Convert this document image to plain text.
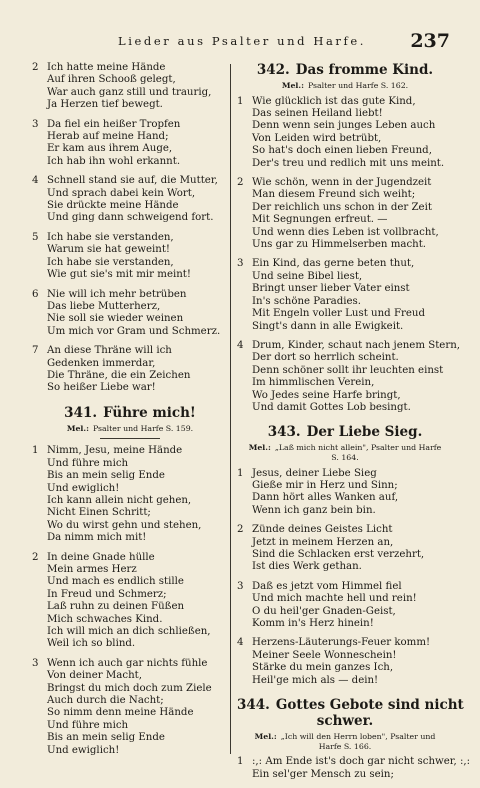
Lieder aus Psalter und Harfe.	237
2 Ich hatte meine Hände
Auf ihren Schooß gelegt,
War auch ganz still und traurig,
Ja Herzen tief bewegt.
3 Da fiel ein heißer Tropfen
Herab auf meine Hand;
Er kam aus ihrem Auge,
Ich hab ihn wohl erkannt.
4 Schnell stand sie auf, die Mutter,
Und sprach dabei kein Wort,
Sie drückte meine Hände
Und ging dann schweigend fort.
5 Ich habe sie verstanden,
Warum sie hat geweint!
Ich habe sie verstanden,
Wie gut sie's mit mir meint!
6 Nie will ich mehr betrüben
Das liebe Mutterherz,
Nie soll sie wieder weinen
Um mich vor Gram und Schmerz.
7 An diese Thräne will ich
Gedenken immerdar,
Die Thräne, die ein Zeichen
So heißer Liebe war!
341. Führe mich!
Mel.: Psalter und Harfe S. 159.
1 Nimm, Jesu, meine Hände
Und führe mich
Bis an mein selig Ende
Und ewiglich!
Ich kann allein nicht gehen,
Nicht Einen Schritt;
Wo du wirst gehn und stehen,
Da nimm mich mit!
2 In deine Gnade hülle
Mein armes Herz
Und mach es endlich stille
In Freud und Schmerz;
Laß ruhn zu deinen Füßen
Mich schwaches Kind.
Ich will mich an dich schließen,
Weil ich so blind.
3 Wenn ich auch gar nichts fühle
Von deiner Macht,
Bringst du mich doch zum Ziele
Auch durch die Nacht;
So nimm denn meine Hände
Und führe mich
Bis an mein selig Ende
Und ewiglich!
342. Das fromme Kind.
Mel.: Psalter und Harfe S. 162.
1 Wie glücklich ist das gute Kind,
Das seinen Heiland liebt!
Denn wenn sein junges Leben auch
Von Leiden wird betrübt,
So hat's doch einen lieben Freund,
Der's treu und redlich mit uns meint.
2 Wie schön, wenn in der Jugendzeit
Man diesem Freund sich weiht;
Der reichlich uns schon in der Zeit
Mit Segnungen erfreut. —
Und wenn dies Leben ist vollbracht,
Uns gar zu Himmelserben macht.
3 Ein Kind, das gerne beten thut,
Und seine Bibel liest,
Bringt unser lieber Vater einst
In's schöne Paradies.
Mit Engeln voller Lust und Freud
Singt's dann in alle Ewigkeit.
4 Drum, Kinder, schaut nach jenem Stern,
Der dort so herrlich scheint.
Denn schöner sollt ihr leuchten einst
Im himmlischen Verein,
Wo Jedes seine Harfe bringt,
Und damit Gottes Lob besingt.
343. Der Liebe Sieg.
Mel.: „Laß mich nicht allein", Psalter und Harfe
S. 164.
1 Jesus, deiner Liebe Sieg
Gieße mir in Herz und Sinn;
Dann hört alles Wanken auf,
Wenn ich ganz bein bin.
2 Zünde deines Geistes Licht
Jetzt in meinem Herzen an,
Sind die Schlacken erst verzehrt,
Ist dies Werk gethan.
3 Daß es jetzt vom Himmel fiel
Und mich machte hell und rein!
O du heil'ger Gnaden-Geist,
Komm in's Herz hinein!
4 Herzens-Läuterungs-Feuer komm!
Meiner Seele Wonneschein!
Stärke du mein ganzes Ich,
Heil'ge mich als — dein!
344. Gottes Gebote sind nicht
schwer.
Mel.: „Ich will den Herrn loben", Psalter und
Harfe S. 166.
1 :,: Am Ende ist's doch gar nicht schwer, :,:
Ein sel'ger Mensch zu sein;
